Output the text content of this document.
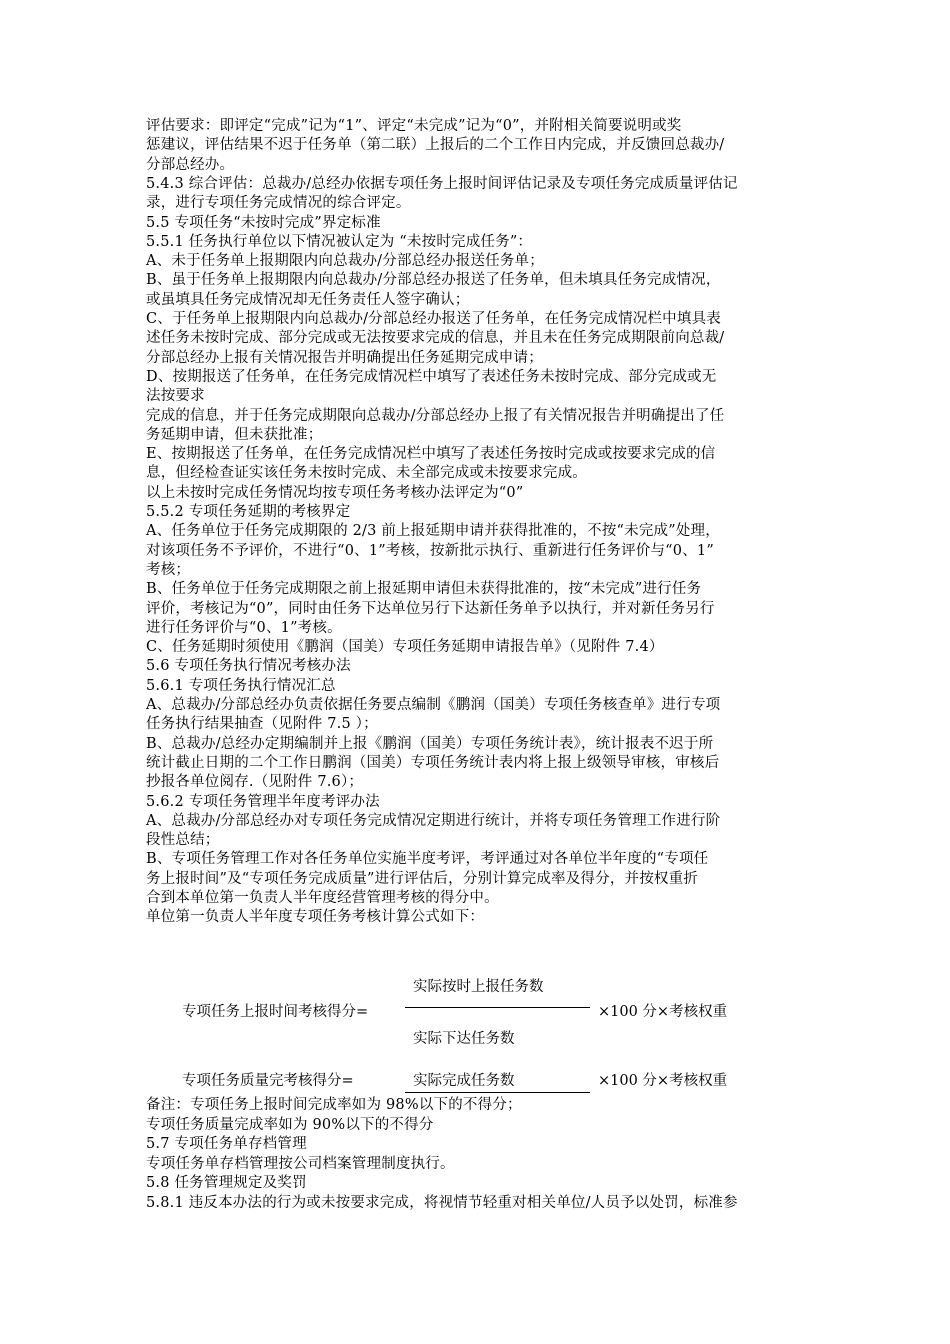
评估要求：即评定“完成”记为“1”、评定“未完成”记为“0”，并附相关简要说明或奖
惩建议，评估结果不迟于任务单（第二联）上报后的二个工作日内完成，并反馈回总裁办/
分部总经办。
5.4.3 综合评估：总裁办/总经办依据专项任务上报时间评估记录及专项任务完成质量评估记
录，进行专项任务完成情况的综合评定。
5.5 专项任务“未按时完成”界定标准
5.5.1 任务执行单位以下情况被认定为 “未按时完成任务”：
A、未于任务单上报期限内向总裁办/分部总经办报送任务单；
B、虽于任务单上报期限内向总裁办/分部总经办报送了任务单，但未填具任务完成情况，
或虽填具任务完成情况却无任务责任人签字确认；
C、于任务单上报期限内向总裁办/分部总经办报送了任务单，在任务完成情况栏中填具表
述任务未按时完成、部分完成或无法按要求完成的信息，并且未在任务完成期限前向总裁/
分部总经办上报有关情况报告并明确提出任务延期完成申请；
D、按期报送了任务单，在任务完成情况栏中填写了表述任务未按时完成、部分完成或无
法按要求
完成的信息，并于任务完成期限向总裁办/分部总经办上报了有关情况报告并明确提出了任
务延期申请，但未获批准；
E、按期报送了任务单，在任务完成情况栏中填写了表述任务按时完成或按要求完成的信
息，但经检查证实该任务未按时完成、未全部完成或未按要求完成。
以上未按时完成任务情况均按专项任务考核办法评定为“0”
5.5.2 专项任务延期的考核界定
A、任务单位于任务完成期限的 2/3 前上报延期申请并获得批准的，不按“未完成”处理，
对该项任务不予评价，不进行“0、1”考核，按新批示执行、重新进行任务评价与“0、1”
考核；
B、任务单位于任务完成期限之前上报延期申请但未获得批准的，按“未完成”进行任务
评价，考核记为“0”，同时由任务下达单位另行下达新任务单予以执行，并对新任务另行
进行任务评价与“0、1”考核。
C、任务延期时须使用《鹏润（国美）专项任务延期申请报告单》（见附件 7.4）
5.6 专项任务执行情况考核办法
5.6.1 专项任务执行情况汇总
A、总裁办/分部总经办负责依据任务要点编制《鹏润（国美）专项任务核查单》进行专项
任务执行结果抽查（见附件 7.5 ）；
B、总裁办/总经办定期编制并上报《鹏润（国美）专项任务统计表》，统计报表不迟于所
统计截止日期的二个工作日鹏润（国美）专项任务统计表内将上报上级领导审核，审核后
抄报各单位阅存.（见附件 7.6）；
5.6.2 专项任务管理半年度考评办法
A、总裁办/分部总经办对专项任务完成情况定期进行统计，并将专项任务管理工作进行阶
段性总结；
B、专项任务管理工作对各任务单位实施半度考评，考评通过对各单位半年度的“专项任
务上报时间”及“专项任务完成质量”进行评估后，分别计算完成率及得分，并按权重折
合到本单位第一负责人半年度经营管理考核的得分中。
单位第一负责人半年度专项任务考核计算公式如下：
专项任务上报时间考核得分=
实际按时上报任务数
实际下达任务数
×100 分×考核权重
专项任务质量完考核得分=	实际完成任务数	×100 分×考核权重
备注：专项任务上报时间完成率如为 98%以下的不得分；
专项任务质量完成率如为 90%以下的不得分
5.7 专项任务单存档管理
专项任务单存档管理按公司档案管理制度执行。
5.8 任务管理规定及奖罚
5.8.1 违反本办法的行为或未按要求完成，将视情节轻重对相关单位/人员予以处罚，标准参
